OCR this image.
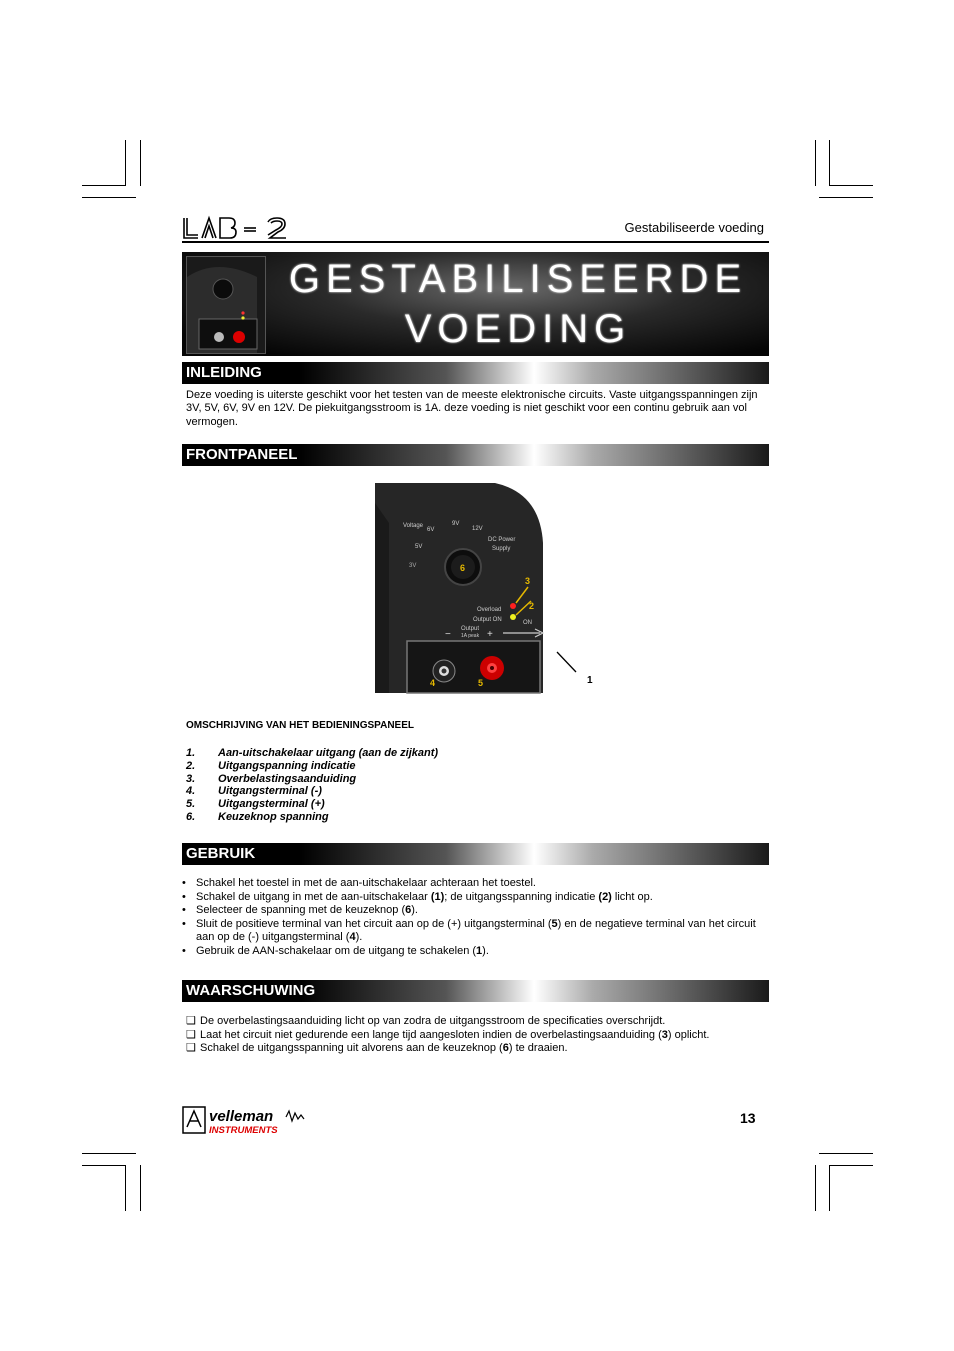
Gestabiliseerde voeding
GESTABILISEERDE
VOEDING
INLEIDING
Deze voeding is uiterste geschikt voor het testen van de meeste elektronische circuits. Vaste uitgangsspanningen zijn 3V, 5V, 6V, 9V en 12V. De piekuitgangsstroom is 1A. deze voeding is niet geschikt voor een continu gebruik aan vol vermogen.
FRONTPANEEL
Voltage
6V
9V
12V
5V
3V
DC Power
Supply
Overload
Output ON	ON
Output
1A peak
−	+
6
3
2
4	5	1
OMSCHRIJVING VAN HET BEDIENINGSPANEEL
1.	Aan-uitschakelaar uitgang (aan de zijkant)
2.	Uitgangspanning indicatie
3.	Overbelastingsaanduiding
4.	Uitgangsterminal (-)
5.	Uitgangsterminal (+)
6.	Keuzeknop spanning
GEBRUIK
• Schakel het toestel in met de aan-uitschakelaar achteraan het toestel.
• Schakel de uitgang in met de aan-uitschakelaar (1); de uitgangsspanning indicatie (2) licht op.
• Selecteer de spanning met de keuzeknop (6).
• Sluit de positieve terminal van het circuit aan op de (+) uitgangsterminal (5) en de negatieve terminal van het circuit aan op de (-) uitgangsterminal (4).
• Gebruik de AAN-schakelaar om de uitgang te schakelen (1).
WAARSCHUWING
❑ De overbelastingsaanduiding licht op van zodra de uitgangsstroom de specificaties overschrijdt.
❑ Laat het circuit niet gedurende een lange tijd aangesloten indien de overbelastingsaanduiding (3) oplicht.
❑ Schakel de uitgangsspanning uit alvorens aan de keuzeknop (6) te draaien.
velleman
INSTRUMENTS
13
